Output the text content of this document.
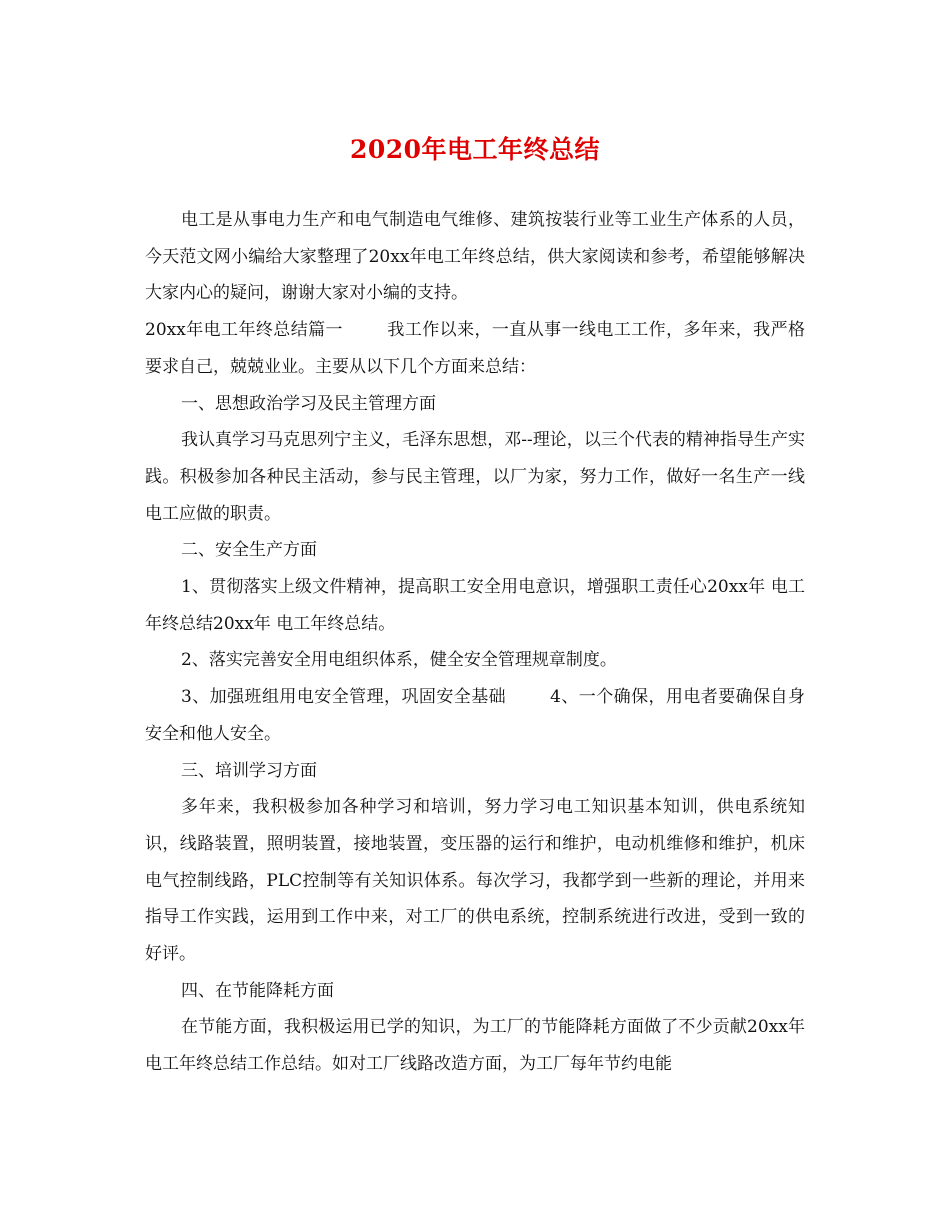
2020年电工年终总结

电工是从事电力生产和电气制造电气维修、建筑按装行业等工业生产体系的人员，今天范文网小编给大家整理了20xx年电工年终总结，供大家阅读和参考，希望能够解决大家内心的疑问，谢谢大家对小编的支持。

20xx年电工年终总结篇一	我工作以来，一直从事一线电工工作，多年来，我严格要求自己，兢兢业业。主要从以下几个方面来总结：

一、思想政治学习及民主管理方面

我认真学习马克思列宁主义，毛泽东思想，邓--理论，以三个代表的精神指导生产实践。积极参加各种民主活动，参与民主管理，以厂为家，努力工作，做好一名生产一线电工应做的职责。

二、安全生产方面

1、贯彻落实上级文件精神，提高职工安全用电意识，增强职工责任心20xx年 电工年终总结20xx年 电工年终总结。

2、落实完善安全用电组织体系，健全安全管理规章制度。

3、加强班组用电安全管理，巩固安全基础	4、一个确保，用电者要确保自身安全和他人安全。

三、培训学习方面

多年来，我积极参加各种学习和培训，努力学习电工知识基本知训，供电系统知识，线路装置，照明装置，接地装置，变压器的运行和维护，电动机维修和维护，机床电气控制线路，PLC控制等有关知识体系。每次学习，我都学到一些新的理论，并用来指导工作实践，运用到工作中来，对工厂的供电系统，控制系统进行改进，受到一致的好评。

四、在节能降耗方面

在节能方面，我积极运用已学的知识，为工厂的节能降耗方面做了不少贡献20xx年 电工年终总结工作总结。如对工厂线路改造方面，为工厂每年节约电能
